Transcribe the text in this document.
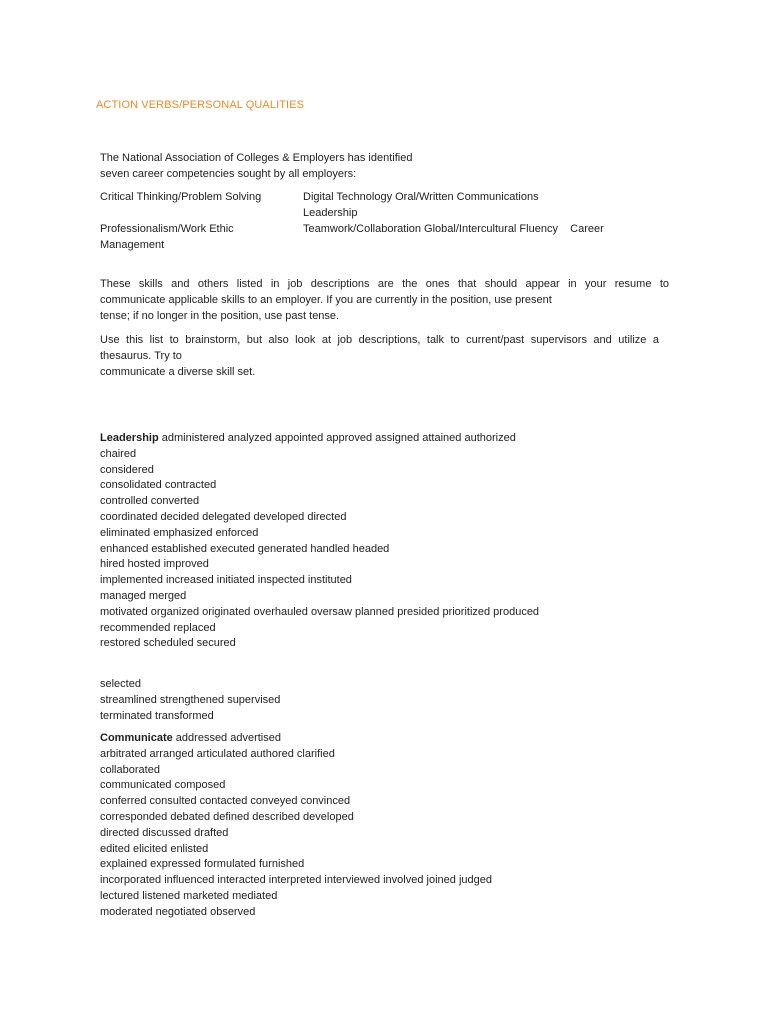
ACTION VERBS/PERSONAL QUALITIES
The National Association of Colleges & Employers has identified
seven career competencies sought by all employers:
Critical Thinking/Problem Solving	Digital Technology Oral/Written Communications
Leadership
Professionalism/Work Ethic
Management
Teamwork/Collaboration Global/Intercultural Fluency    Career
These skills and others listed in job descriptions are the ones that should appear in your resume to
communicate applicable skills to an employer. If you are currently in the position, use present
tense; if no longer in the position, use past tense.
Use this list to brainstorm, but also look at job descriptions, talk to current/past supervisors and utilize a
thesaurus. Try to
communicate a diverse skill set.
Leadership administered analyzed appointed approved assigned attained authorized
chaired
considered
consolidated contracted
controlled converted
coordinated decided delegated developed directed
eliminated emphasized enforced
enhanced established executed generated handled headed
hired hosted improved
implemented increased initiated inspected instituted
managed merged
motivated organized originated overhauled oversaw planned presided prioritized produced
recommended replaced
restored scheduled secured
selected
streamlined strengthened supervised
terminated transformed
Communicate addressed advertised
arbitrated arranged articulated authored clarified
collaborated
communicated composed
conferred consulted contacted conveyed convinced
corresponded debated defined described developed
directed discussed drafted
edited elicited enlisted
explained expressed formulated furnished
incorporated influenced interacted interpreted interviewed involved joined judged
lectured listened marketed mediated
moderated negotiated observed
